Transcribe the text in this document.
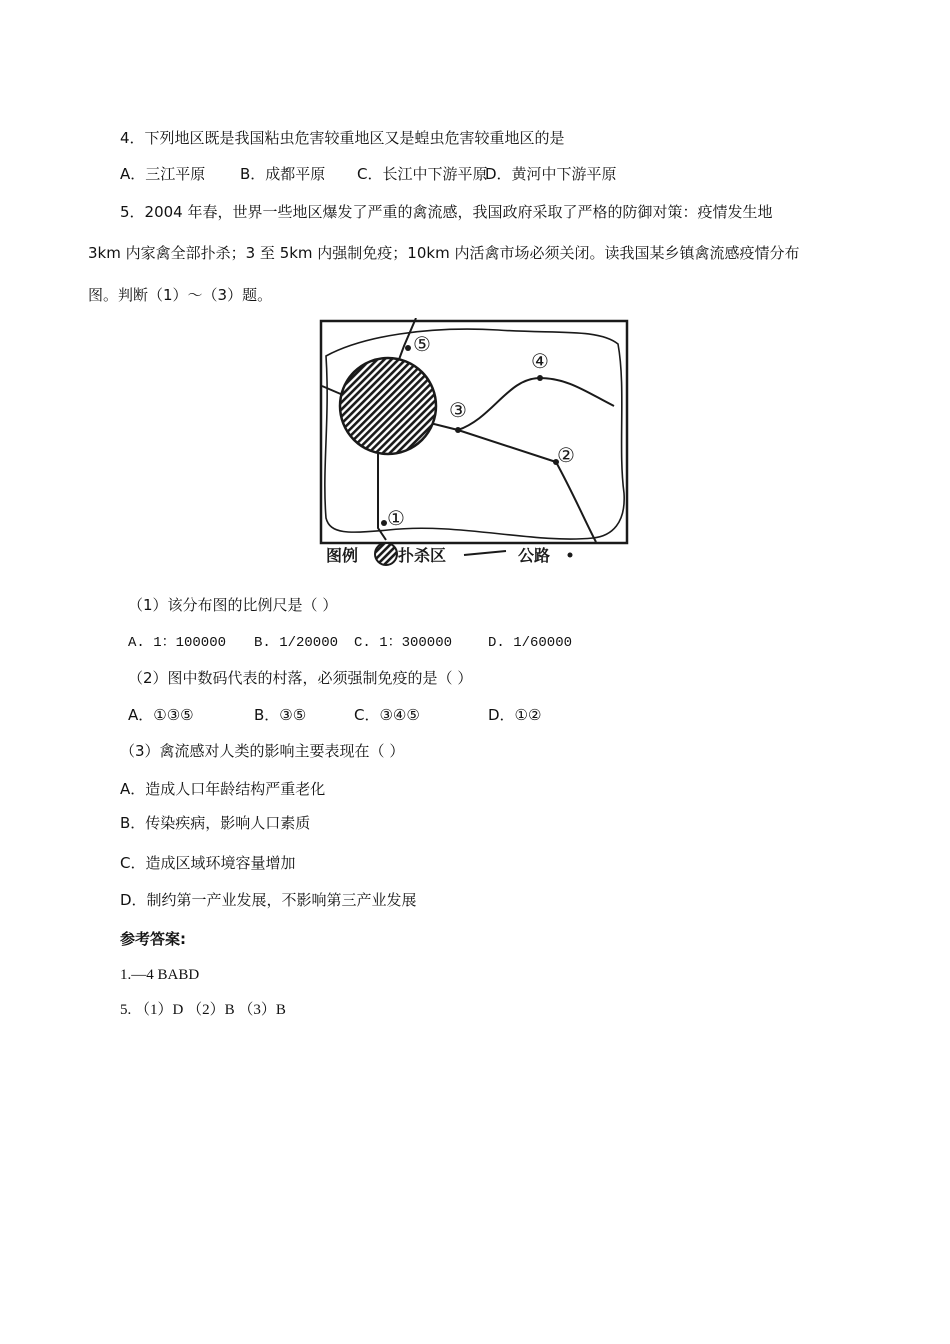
4．下列地区既是我国粘虫危害较重地区又是蝗虫危害较重地区的是
A．三江平原 B．成都平原 C．长江中下游平原D．黄河中下游平原
5．2004 年春，世界一些地区爆发了严重的禽流感，我国政府采取了严格的防御对策：疫情发生地
3km 内家禽全部扑杀；3 至 5km 内强制免疫；10km 内活禽市场必须关闭。读我国某乡镇禽流感疫情分布
图。判断（1）～（3）题。
⑤
④
③
②
①
图例 扑杀区	公路
（1）该分布图的比例尺是（ ）
A. 1：100000 B. 1/20000 C. 1：300000	D. 1/60000
（2）图中数码代表的村落，必须强制免疫的是（ ）
A．①③⑤	B．③⑤	C．③④⑤	D．①②
（3）禽流感对人类的影响主要表现在（ ）
A．造成人口年龄结构严重老化
B．传染疾病，影响人口素质
C．造成区域环境容量增加
D．制约第一产业发展，不影响第三产业发展
参考答案:
1.—4 BABD
5. （1）D （2）B （3）B
